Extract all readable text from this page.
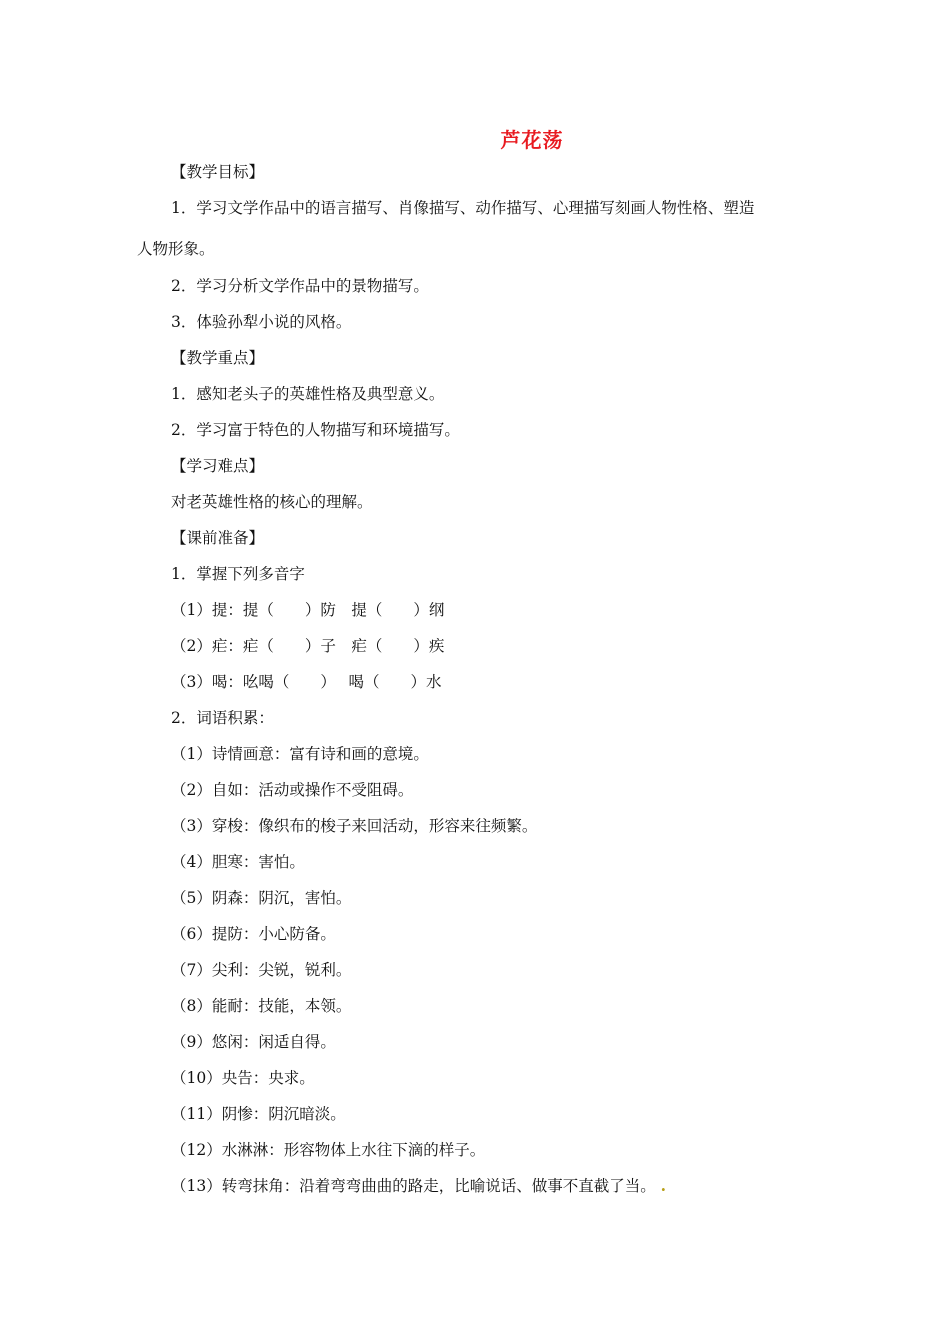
芦花荡
【教学目标】
1．学习文学作品中的语言描写、肖像描写、动作描写、心理描写刻画人物性格、塑造
人物形象。
2．学习分析文学作品中的景物描写。
3．体验孙犁小说的风格。
【教学重点】
1．感知老头子的英雄性格及典型意义。
2．学习富于特色的人物描写和环境描写。
【学习难点】
对老英雄性格的核心的理解。
【课前准备】
1．掌握下列多音字
（1）提：提（　　）防　提（　　）纲
（2）疟：疟（　　）子　疟（　　）疾
（3）喝：吆喝（　　）　 喝（　　）水
2．词语积累：
（1）诗情画意：富有诗和画的意境。
（2）自如：活动或操作不受阻碍。
（3）穿梭：像织布的梭子来回活动，形容来往频繁。
（4）胆寒：害怕。
（5）阴森：阴沉，害怕。
（6）提防：小心防备。
（7）尖利：尖锐，锐利。
（8）能耐：技能，本领。
（9）悠闲：闲适自得。
（10）央告：央求。
（11）阴惨：阴沉暗淡。
（12）水淋淋：形容物体上水往下滴的样子。
（13）转弯抹角：沿着弯弯曲曲的路走，比喻说话、做事不直截了当。 .
